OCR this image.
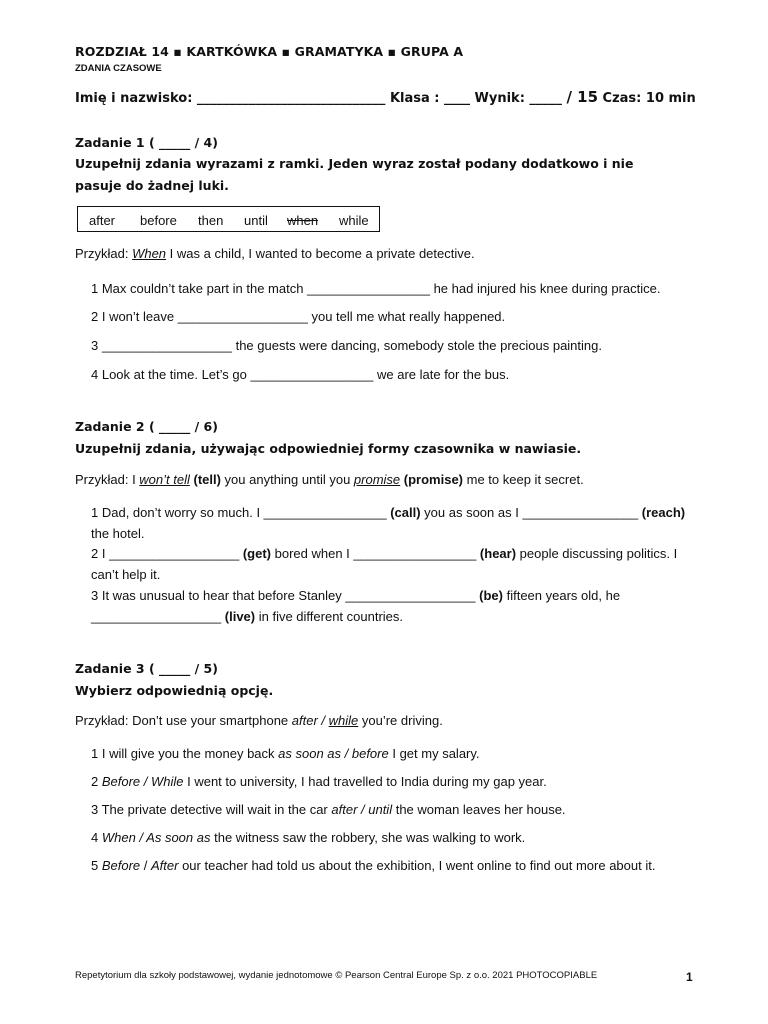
ROZDZIAŁ 14 ▪ KARTKÓWKA ▪ GRAMATYKA ▪ GRUPA A
ZDANIA CZASOWE
Imię i nazwisko: _____________________________ Klasa : ____ Wynik: _____ / 15 Czas: 10 min
Zadanie 1 ( _____ / 4)
Uzupełnij zdania wyrazami z ramki. Jeden wyraz został podany dodatkowo i nie pasuje do żadnej luki.
after before then until when while
Przykład: When I was a child, I wanted to become a private detective.
1 Max couldn’t take part in the match _________________ he had injured his knee during practice.
2 I won’t leave __________________ you tell me what really happened.
3 __________________ the guests were dancing, somebody stole the precious painting.
4 Look at the time. Let’s go _________________ we are late for the bus.
Zadanie 2 ( _____ / 6)
Uzupełnij zdania, używając odpowiedniej formy czasownika w nawiasie.
Przykład: I won’t tell (tell) you anything until you promise (promise) me to keep it secret.
1 Dad, don’t worry so much. I _________________ (call) you as soon as I ________________ (reach) the hotel.
2 I __________________ (get) bored when I _________________ (hear) people discussing politics. I can’t help it.
3 It was unusual to hear that before Stanley __________________ (be) fifteen years old, he __________________ (live) in five different countries.
Zadanie 3 ( _____ / 5)
Wybierz odpowiednią opcję.
Przykład: Don’t use your smartphone after / while you’re driving.
1 I will give you the money back as soon as / before I get my salary.
2 Before / While I went to university, I had travelled to India during my gap year.
3 The private detective will wait in the car after / until the woman leaves her house.
4 When / As soon as the witness saw the robbery, she was walking to work.
5 Before / After our teacher had told us about the exhibition, I went online to find out more about it.
Repetytorium dla szkoły podstawowej, wydanie jednotomowe © Pearson Central Europe Sp. z o.o. 2021 PHOTOCOPIABLE	1
